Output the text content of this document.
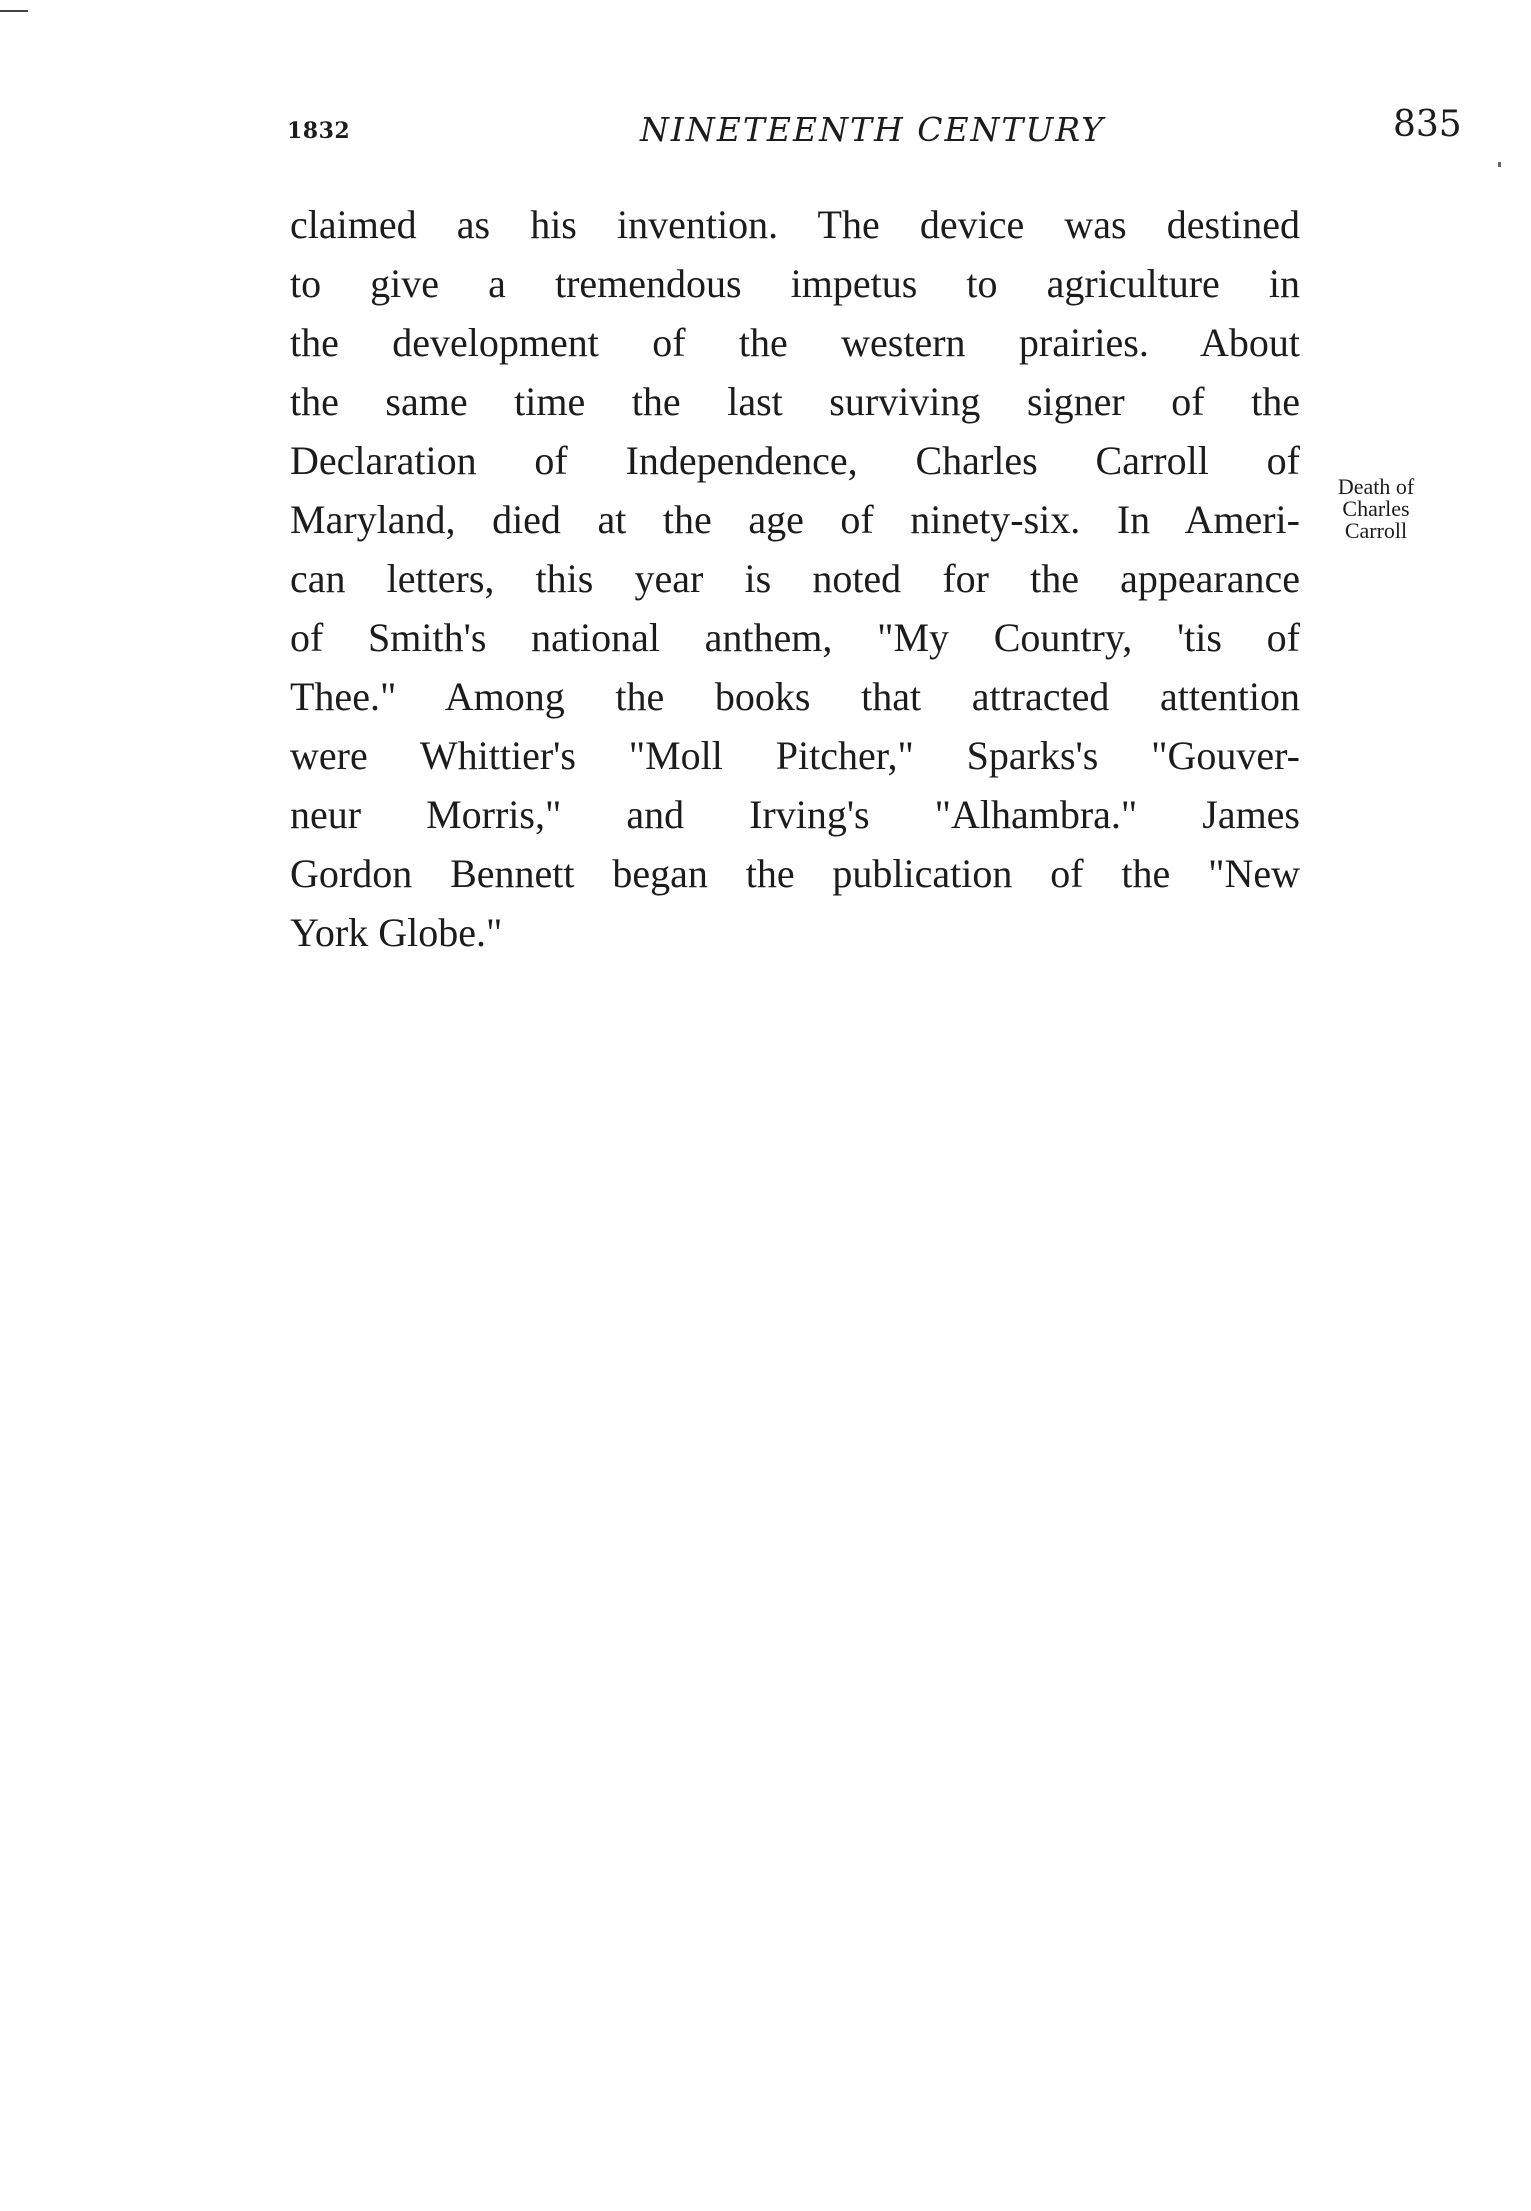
1832	NINETEENTH CENTURY	835
claimed as his invention. The device was destined
to give a tremendous impetus to agriculture in
the development of the western prairies. About
the same time the last surviving signer of the
Declaration of Independence, Charles Carroll of
Maryland, died at the age of ninety-six. In Ameri-
can letters, this year is noted for the appearance
of Smith's national anthem, "My Country, 'tis of
Thee." Among the books that attracted attention
were Whittier's "Moll Pitcher," Sparks's "Gouver-
neur Morris," and Irving's "Alhambra." James
Gordon Bennett began the publication of the "New
York Globe."
Death of
Charles
Carroll
